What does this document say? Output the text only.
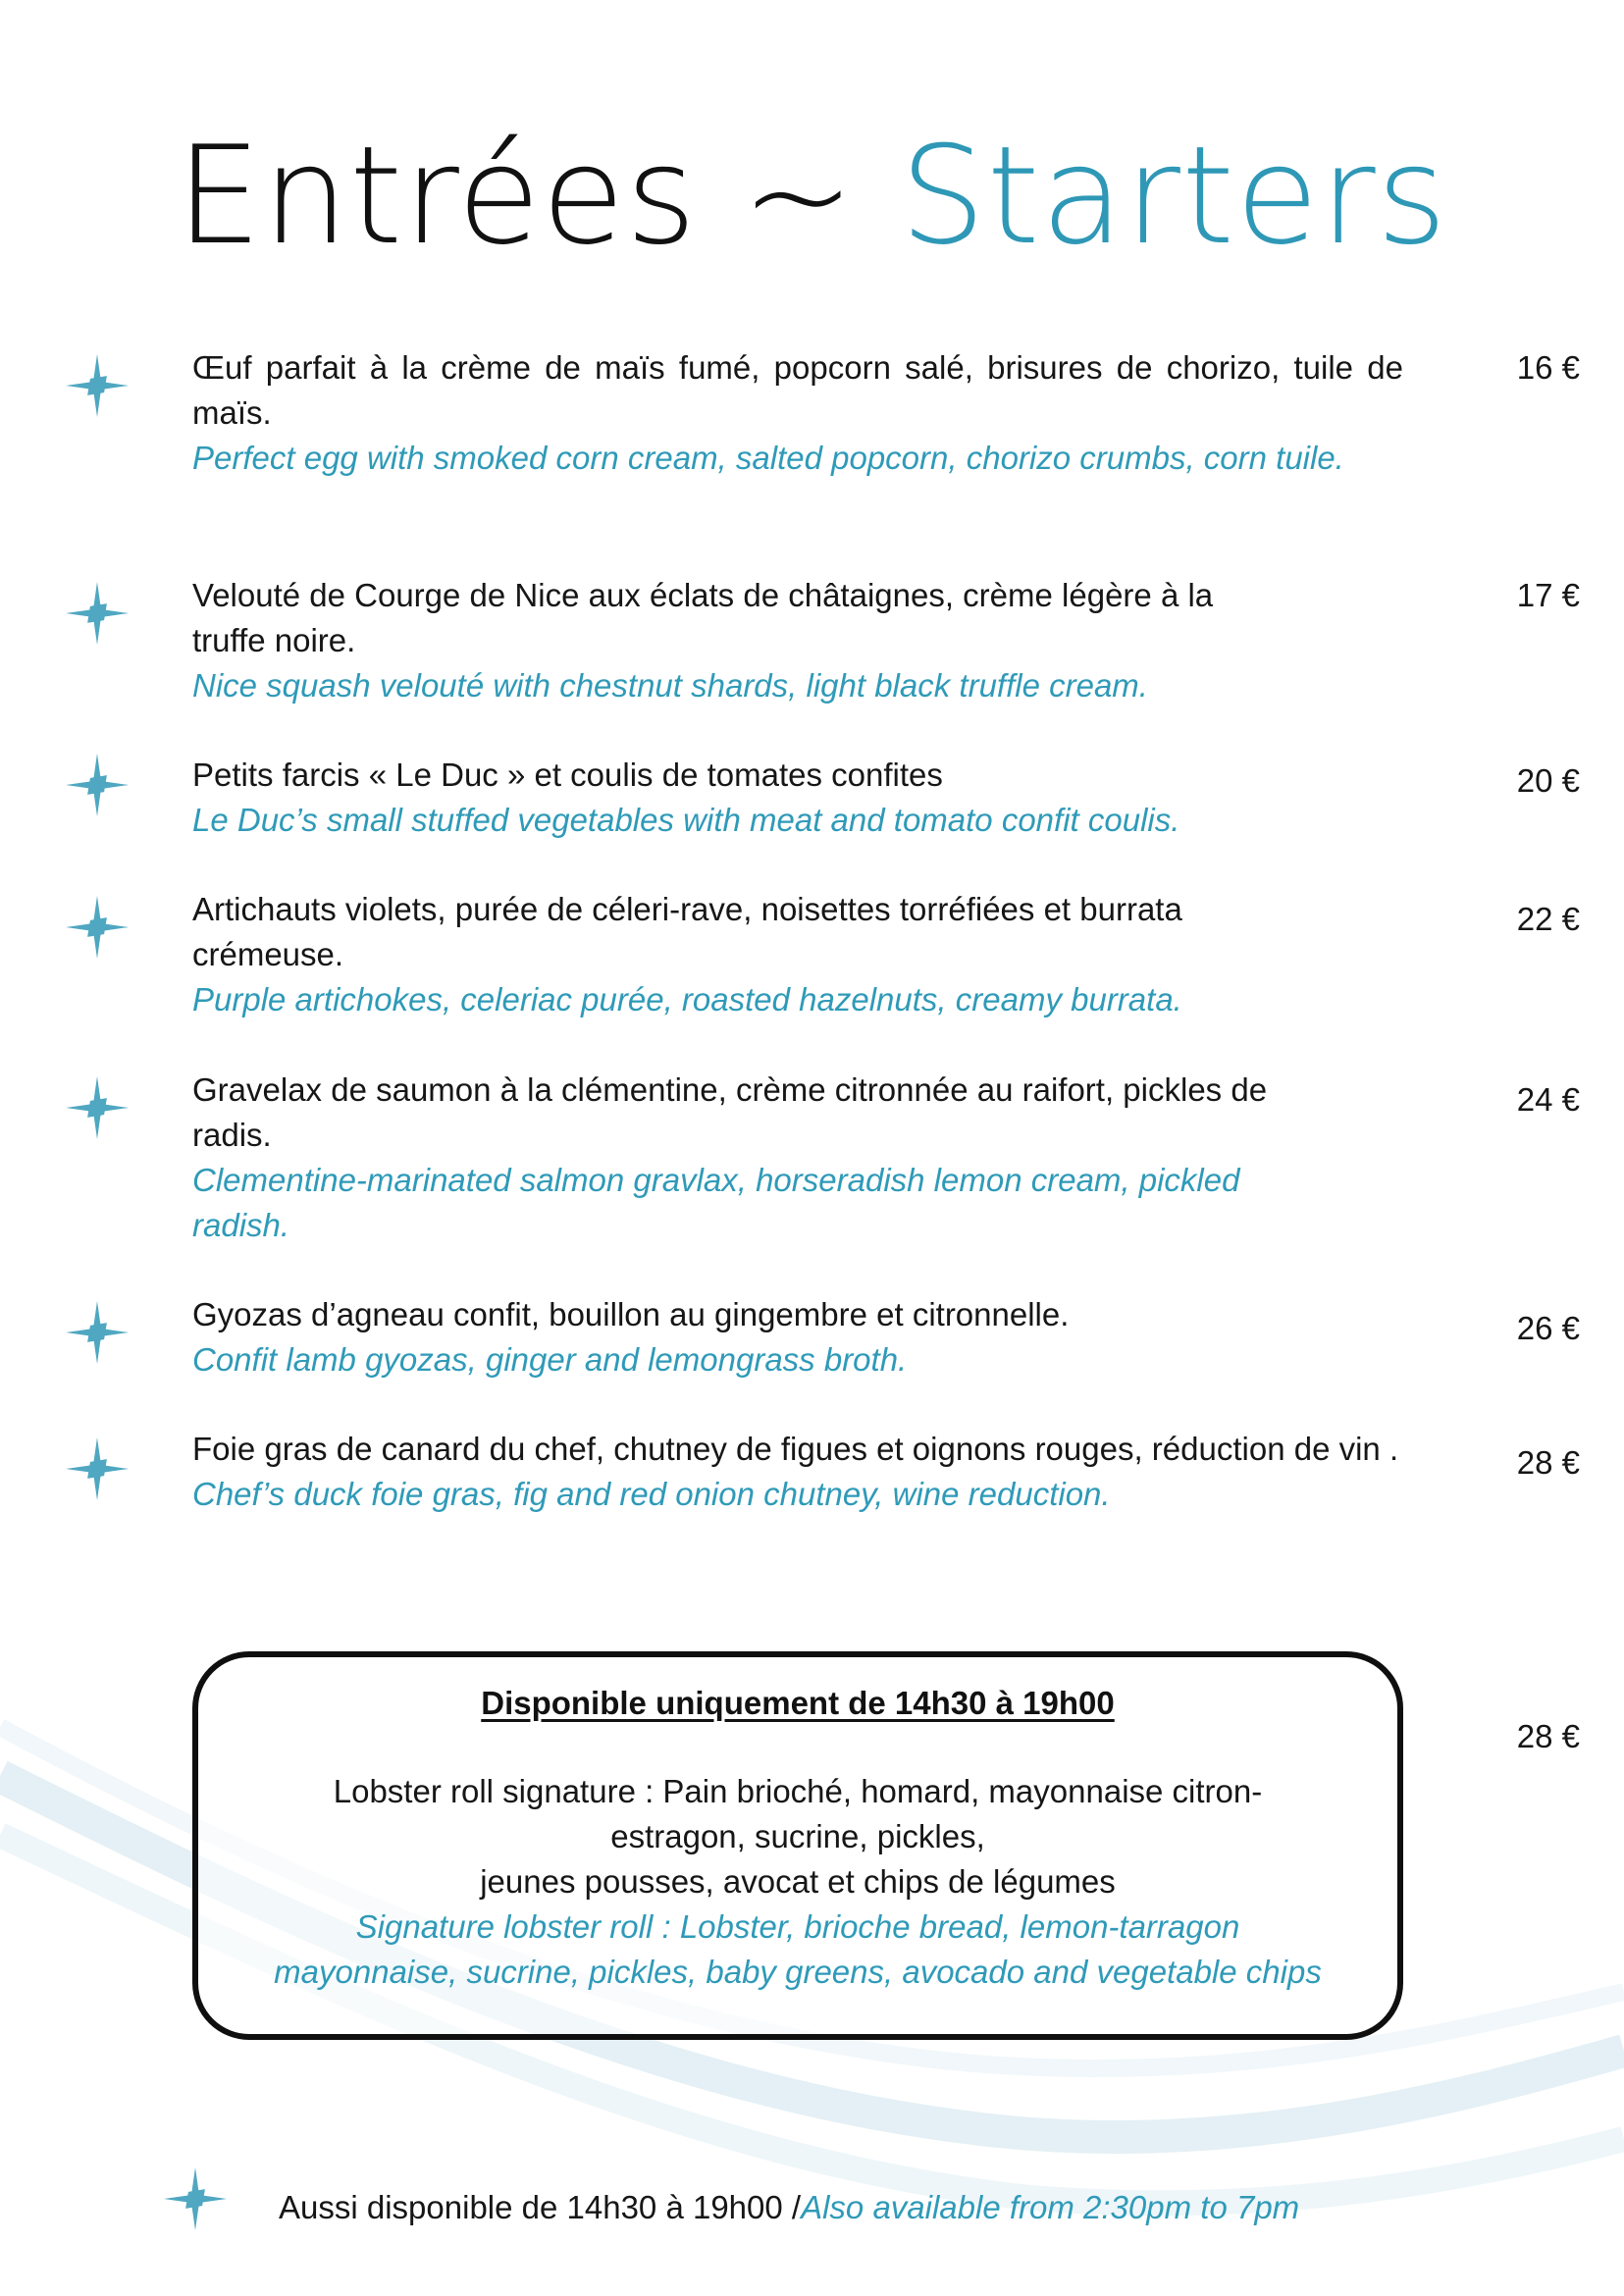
Entrées ~ Starters
Œuf parfait à la crème de maïs fumé, popcorn salé, brisures de chorizo, tuile de maïs.
Perfect egg with smoked corn cream, salted popcorn, chorizo crumbs, corn tuile.
16 €
Velouté de Courge de Nice aux éclats de châtaignes, crème légère à la truffe noire.
Nice squash velouté with chestnut shards, light black truffle cream.
17 €
Petits farcis « Le Duc » et coulis de tomates confites
Le Duc’s small stuffed vegetables with meat and tomato confit coulis.
20 €
Artichauts violets, purée de céleri-rave, noisettes torréfiées et burrata crémeuse.
Purple artichokes, celeriac purée, roasted hazelnuts, creamy burrata.
22 €
Gravelax de saumon à la clémentine, crème citronnée au raifort, pickles de radis.
Clementine-marinated salmon gravlax, horseradish lemon cream, pickled radish.
24 €
Gyozas d’agneau confit, bouillon au gingembre et citronnelle.
Confit lamb gyozas, ginger and lemongrass broth.
26 €
Foie gras de canard du chef, chutney de figues et oignons rouges, réduction de vin .
Chef’s duck foie gras, fig and red onion chutney, wine reduction.
28 €
Disponible uniquement de 14h30 à 19h00
Lobster roll signature : Pain brioché, homard, mayonnaise citron-
estragon, sucrine, pickles,
jeunes pousses, avocat et chips de légumes
Signature lobster roll : Lobster, brioche bread, lemon-tarragon
mayonnaise, sucrine, pickles, baby greens, avocado and vegetable chips
28 €
Aussi disponible de 14h30 à 19h00 /Also available from 2:30pm to 7pm
